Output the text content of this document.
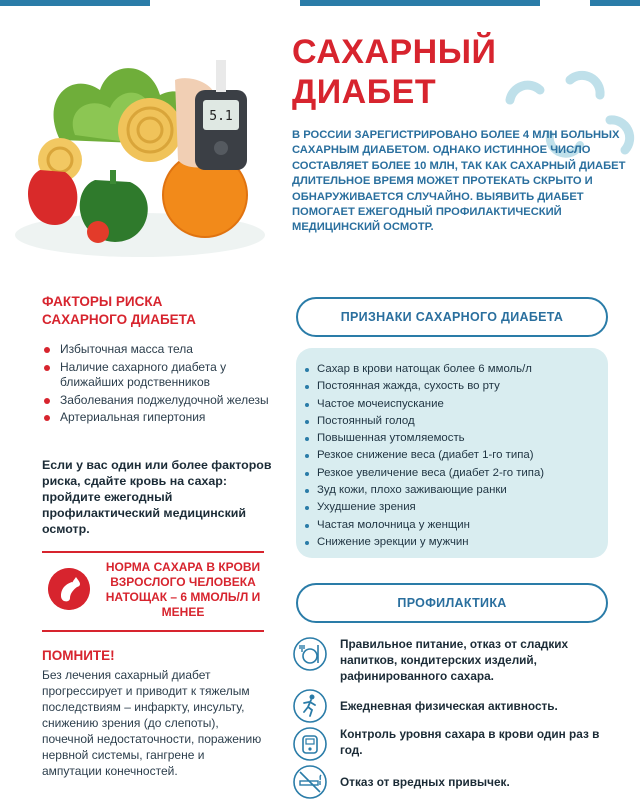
5.1
САХАРНЫЙ
ДИАБЕТ

В РОССИИ ЗАРЕГИСТРИРОВАНО БОЛЕЕ 4 МЛН БОЛЬНЫХ САХАРНЫМ ДИАБЕТОМ. ОДНАКО ИСТИННОЕ ЧИСЛО СОСТАВЛЯЕТ БОЛЕЕ 10 МЛН, ТАК КАК САХАРНЫЙ ДИАБЕТ ДЛИТЕЛЬНОЕ ВРЕМЯ МОЖЕТ ПРОТЕКАТЬ СКРЫТО И ОБНАРУЖИВАЕТСЯ СЛУЧАЙНО. ВЫЯВИТЬ ДИАБЕТ ПОМОГАЕТ ЕЖЕГОДНЫЙ ПРОФИЛАКТИЧЕСКИЙ МЕДИЦИНСКИЙ ОСМОТР.

ФАКТОРЫ РИСКА
САХАРНОГО ДИАБЕТА
Избыточная масса тела
Наличие сахарного диабета у ближайших родственников
Заболевания поджелудочной железы
Артериальная гипертония

Если у вас один или более факторов риска, сдайте кровь на сахар: пройдите ежегодный профилактический медицинский осмотр.

НОРМА САХАРА В КРОВИ ВЗРОСЛОГО ЧЕЛОВЕКА НАТОЩАК – 6 ММОЛЬ/Л И МЕНЕЕ

ПОМНИТЕ!

Без лечения сахарный диабет прогрессирует и приводит к тяжелым последствиям – инфаркту, инсульту, снижению зрения (до слепоты), почечной недостаточности, поражению нервной системы, гангрене и ампутации конечностей.

ПРИЗНАКИ САХАРНОГО ДИАБЕТА
Сахар в крови натощак более 6 ммоль/л
Постоянная жажда, сухость во рту
Частое мочеиспускание
Постоянный голод
Повышенная утомляемость
Резкое снижение веса (диабет 1-го типа)
Резкое увеличение веса (диабет 2-го типа)
Зуд кожи, плохо заживающие ранки
Ухудшение зрения
Частая молочница у женщин
Снижение эрекции у мужчин
ПРОФИЛАКТИКА

Правильное питание, отказ от сладких напитков, кондитерских изделий, рафинированного сахара.

Ежедневная физическая активность.

Контроль уровня сахара в крови один раз в год.

Отказ от вредных привычек.
